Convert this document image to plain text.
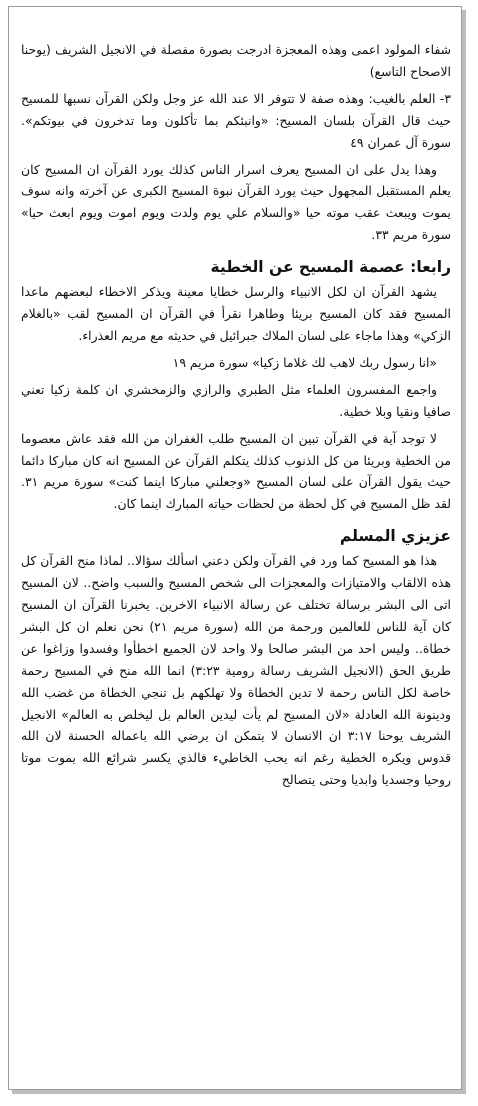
شفاء المولود اعمى وهذه المعجزة ادرجت بصورة مفصلة في الانجيل الشريف (يوحنا الاصحاح التاسع)

٣- العلم بالغيب: وهذه صفة لا تتوفر الا عند الله عز وجل ولكن القرآن نسبها للمسيح حيث قال القرآن بلسان المسيح: «وانبئكم بما تأكلون وما تدخرون في بيوتكم». سورة آل عمران ٤٩

وهذا يدل على ان المسيح يعرف اسرار الناس كذلك يورد القرآن ان المسيح كان يعلم المستقبل المجهول حيث يورد القرآن نبوة المسيح الكبرى عن آخرته وانه سوف يموت ويبعث عقب موته حيا «والسلام علي يوم ولدت ويوم اموت ويوم ابعث حيا» سورة مريم ٣٣.

رابعا: عصمة المسيح عن الخطية

يشهد القرآن ان لكل الانبياء والرسل خطايا معينة ويذكر الاخطاء لبعضهم ماعدا المسيح فقد كان المسيح بريئا وطاهرا نقرأ في القرآن ان المسيح لقب «بالغلام الزكي» وهذا ماجاء على لسان الملاك جبرائيل في حديثه مع مريم العذراء.

«انا رسول ربك لاهب لك غلاما زكيا» سورة مريم ١٩

واجمع المفسرون العلماء مثل الطبري والرازي والزمخشري ان كلمة زكيا تعني صافيا ونقيا وبلا خطية.

لا توجد آية في القرآن تبين ان المسيح طلب الغفران من الله فقد عاش معصوما من الخطية وبريئا من كل الذنوب كذلك يتكلم القرآن عن المسيح انه كان مباركا دائما حيث يقول القرآن على لسان المسيح «وجعلني مباركا اينما كنت» سورة مريم ٣١. لقد ظل المسيح في كل لحظة من لحظات حياته المبارك اينما كان.

عزيزي المسلم

هذا هو المسيح كما ورد في القرآن ولكن دعني اسألك سؤالا.. لماذا منح القرآن كل هذه الالقاب والامتيازات والمعجزات الى شخص المسيح والسبب واضح.. لان المسيح اتى الى البشر برسالة تختلف عن رسالة الانبياء الاخرين. يخبرنا القرآن ان المسيح كان آية للناس للعالمين ورحمة من الله (سورة مريم ٢١) نحن نعلم ان كل البشر خطاة.. وليس احد من البشر صالحا ولا واحد لان الجميع اخطأوا وفسدوا وزاغوا عن طريق الحق (الانجيل الشريف رسالة رومية ٣:٢٣) انما الله منح في المسيح رحمة خاصة لكل الناس رحمة لا تدين الخطاة ولا تهلكهم بل تنجي الخطاة من غضب الله ودينونة الله العادلة «لان المسيح لم يأت ليدين العالم بل ليخلص به العالم» الانجيل الشريف يوحنا ٣:١٧ ان الانسان لا يتمكن ان يرضي الله باعماله الحسنة لان الله قدوس ويكره الخطية رغم انه يحب الخاطيء فالذي يكسر شرائع الله يموت موتا روحيا وجسديا وابديا وحتى يتصالح
